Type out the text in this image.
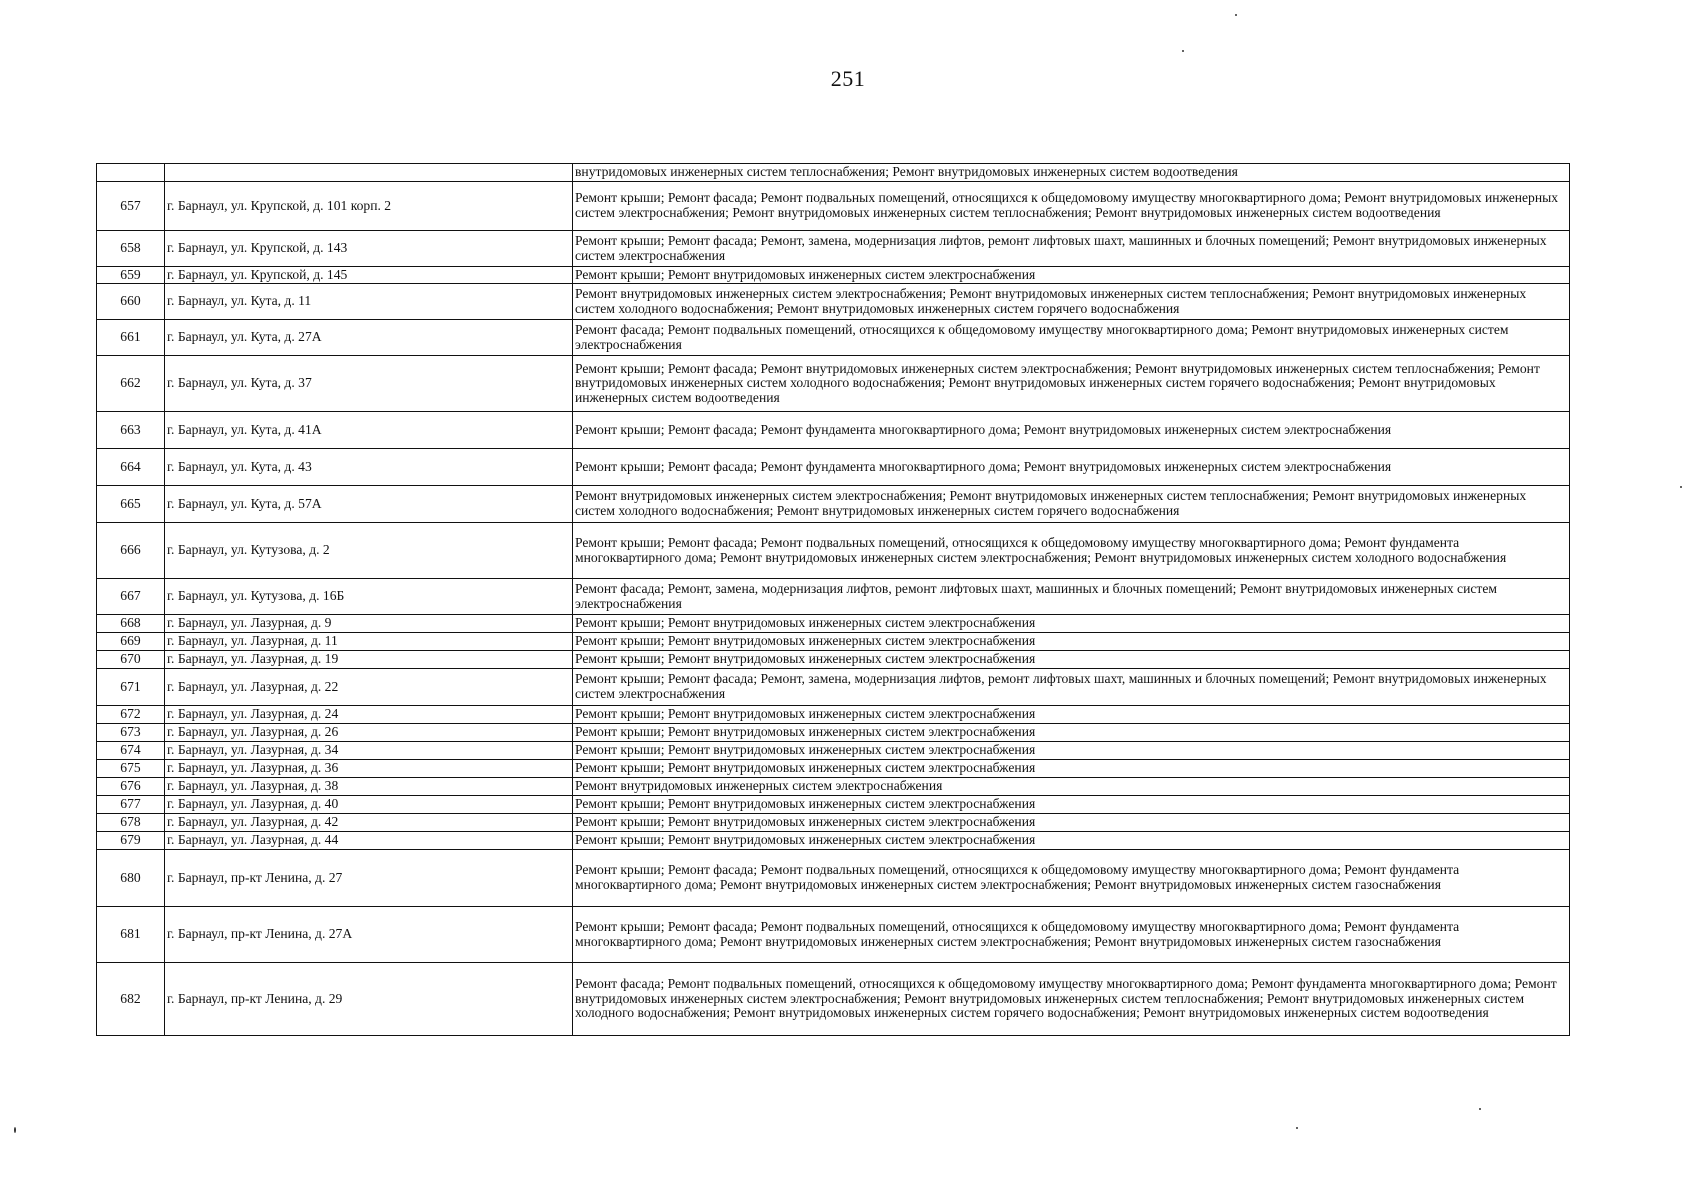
251
		внутридомовых инженерных систем теплоснабжения; Ремонт внутридомовых инженерных систем водоотведения
657	г. Барнаул, ул. Крупской, д. 101 корп. 2	Ремонт крыши; Ремонт фасада; Ремонт подвальных помещений, относящихся к общедомовому имуществу многоквартирного дома; Ремонт внутридомовых инженерных систем электроснабжения; Ремонт внутридомовых инженерных систем теплоснабжения; Ремонт внутридомовых инженерных систем водоотведения
658	г. Барнаул, ул. Крупской, д. 143	Ремонт крыши; Ремонт фасада; Ремонт, замена, модернизация лифтов, ремонт лифтовых шахт, машинных и блочных помещений; Ремонт внутридомовых инженерных систем электроснабжения
659	г. Барнаул, ул. Крупской, д. 145	Ремонт крыши; Ремонт внутридомовых инженерных систем электроснабжения
660	г. Барнаул, ул. Кута, д. 11	Ремонт внутридомовых инженерных систем электроснабжения; Ремонт внутридомовых инженерных систем теплоснабжения; Ремонт внутридомовых инженерных систем холодного водоснабжения; Ремонт внутридомовых инженерных систем горячего водоснабжения
661	г. Барнаул, ул. Кута, д. 27А	Ремонт фасада; Ремонт подвальных помещений, относящихся к общедомовому имуществу многоквартирного дома; Ремонт внутридомовых инженерных систем электроснабжения
662	г. Барнаул, ул. Кута, д. 37	Ремонт крыши; Ремонт фасада; Ремонт внутридомовых инженерных систем электроснабжения; Ремонт внутридомовых инженерных систем теплоснабжения; Ремонт внутридомовых инженерных систем холодного водоснабжения; Ремонт внутридомовых инженерных систем горячего водоснабжения; Ремонт внутридомовых инженерных систем водоотведения
663	г. Барнаул, ул. Кута, д. 41А	Ремонт крыши; Ремонт фасада; Ремонт фундамента многоквартирного дома; Ремонт внутридомовых инженерных систем электроснабжения
664	г. Барнаул, ул. Кута, д. 43	Ремонт крыши; Ремонт фасада; Ремонт фундамента многоквартирного дома; Ремонт внутридомовых инженерных систем электроснабжения
665	г. Барнаул, ул. Кута, д. 57А	Ремонт внутридомовых инженерных систем электроснабжения; Ремонт внутридомовых инженерных систем теплоснабжения; Ремонт внутридомовых инженерных систем холодного водоснабжения; Ремонт внутридомовых инженерных систем горячего водоснабжения
666	г. Барнаул, ул. Кутузова, д. 2	Ремонт крыши; Ремонт фасада; Ремонт подвальных помещений, относящихся к общедомовому имуществу многоквартирного дома; Ремонт фундамента многоквартирного дома; Ремонт внутридомовых инженерных систем электроснабжения; Ремонт внутридомовых инженерных систем холодного водоснабжения
667	г. Барнаул, ул. Кутузова, д. 16Б	Ремонт фасада; Ремонт, замена, модернизация лифтов, ремонт лифтовых шахт, машинных и блочных помещений; Ремонт внутридомовых инженерных систем электроснабжения
668	г. Барнаул, ул. Лазурная, д. 9	Ремонт крыши; Ремонт внутридомовых инженерных систем электроснабжения
669	г. Барнаул, ул. Лазурная, д. 11	Ремонт крыши; Ремонт внутридомовых инженерных систем электроснабжения
670	г. Барнаул, ул. Лазурная, д. 19	Ремонт крыши; Ремонт внутридомовых инженерных систем электроснабжения
671	г. Барнаул, ул. Лазурная, д. 22	Ремонт крыши; Ремонт фасада; Ремонт, замена, модернизация лифтов, ремонт лифтовых шахт, машинных и блочных помещений; Ремонт внутридомовых инженерных систем электроснабжения
672	г. Барнаул, ул. Лазурная, д. 24	Ремонт крыши; Ремонт внутридомовых инженерных систем электроснабжения
673	г. Барнаул, ул. Лазурная, д. 26	Ремонт крыши; Ремонт внутридомовых инженерных систем электроснабжения
674	г. Барнаул, ул. Лазурная, д. 34	Ремонт крыши; Ремонт внутридомовых инженерных систем электроснабжения
675	г. Барнаул, ул. Лазурная, д. 36	Ремонт крыши; Ремонт внутридомовых инженерных систем электроснабжения
676	г. Барнаул, ул. Лазурная, д. 38	Ремонт внутридомовых инженерных систем электроснабжения
677	г. Барнаул, ул. Лазурная, д. 40	Ремонт крыши; Ремонт внутридомовых инженерных систем электроснабжения
678	г. Барнаул, ул. Лазурная, д. 42	Ремонт крыши; Ремонт внутридомовых инженерных систем электроснабжения
679	г. Барнаул, ул. Лазурная, д. 44	Ремонт крыши; Ремонт внутридомовых инженерных систем электроснабжения
680	г. Барнаул, пр-кт Ленина, д. 27	Ремонт крыши; Ремонт фасада; Ремонт подвальных помещений, относящихся к общедомовому имуществу многоквартирного дома; Ремонт фундамента многоквартирного дома; Ремонт внутридомовых инженерных систем электроснабжения; Ремонт внутридомовых инженерных систем газоснабжения
681	г. Барнаул, пр-кт Ленина, д. 27А	Ремонт крыши; Ремонт фасада; Ремонт подвальных помещений, относящихся к общедомовому имуществу многоквартирного дома; Ремонт фундамента многоквартирного дома; Ремонт внутридомовых инженерных систем электроснабжения; Ремонт внутридомовых инженерных систем газоснабжения
682	г. Барнаул, пр-кт Ленина, д. 29	Ремонт фасада; Ремонт подвальных помещений, относящихся к общедомовому имуществу многоквартирного дома; Ремонт фундамента многоквартирного дома; Ремонт внутридомовых инженерных систем электроснабжения; Ремонт внутридомовых инженерных систем теплоснабжения; Ремонт внутридомовых инженерных систем холодного водоснабжения; Ремонт внутридомовых инженерных систем горячего водоснабжения; Ремонт внутридомовых инженерных систем водоотведения
